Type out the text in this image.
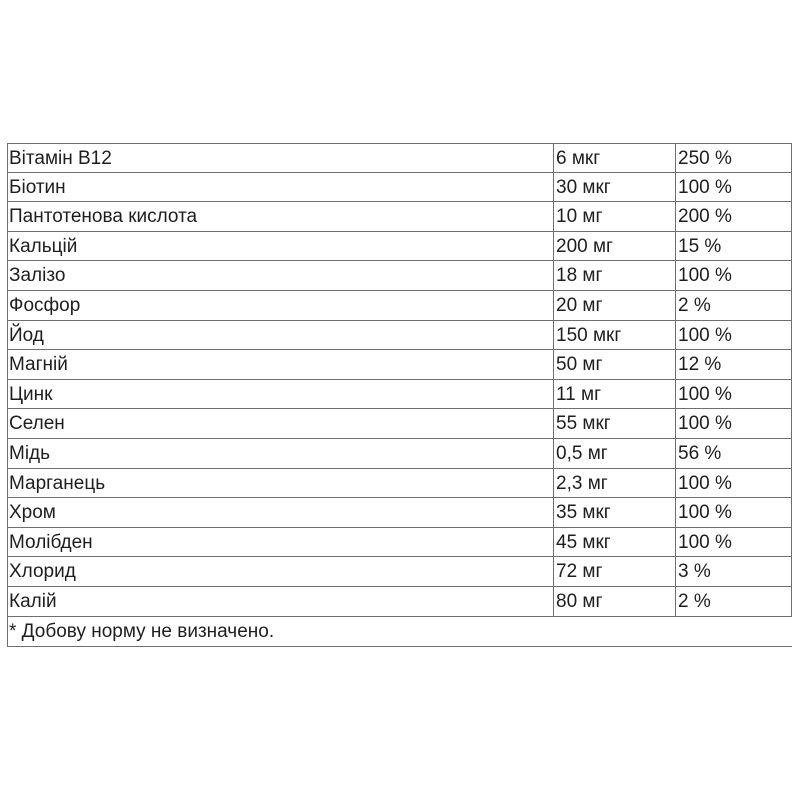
Вітамін В12	6 мкг	250 %
Біотин	30 мкг	100 %
Пантотенова кислота	10 мг	200 %
Кальцій	200 мг	15 %
Залізо	18 мг	100 %
Фосфор	20 мг	2 %
Йод	150 мкг	100 %
Магній	50 мг	12 %
Цинк	11 мг	100 %
Селен	55 мкг	100 %
Мідь	0,5 мг	56 %
Марганець	2,3 мг	100 %
Хром	35 мкг	100 %
Молібден	45 мкг	100 %
Хлорид	72 мг	3 %
Калій	80 мг	2 %
* Добову норму не визначено.
